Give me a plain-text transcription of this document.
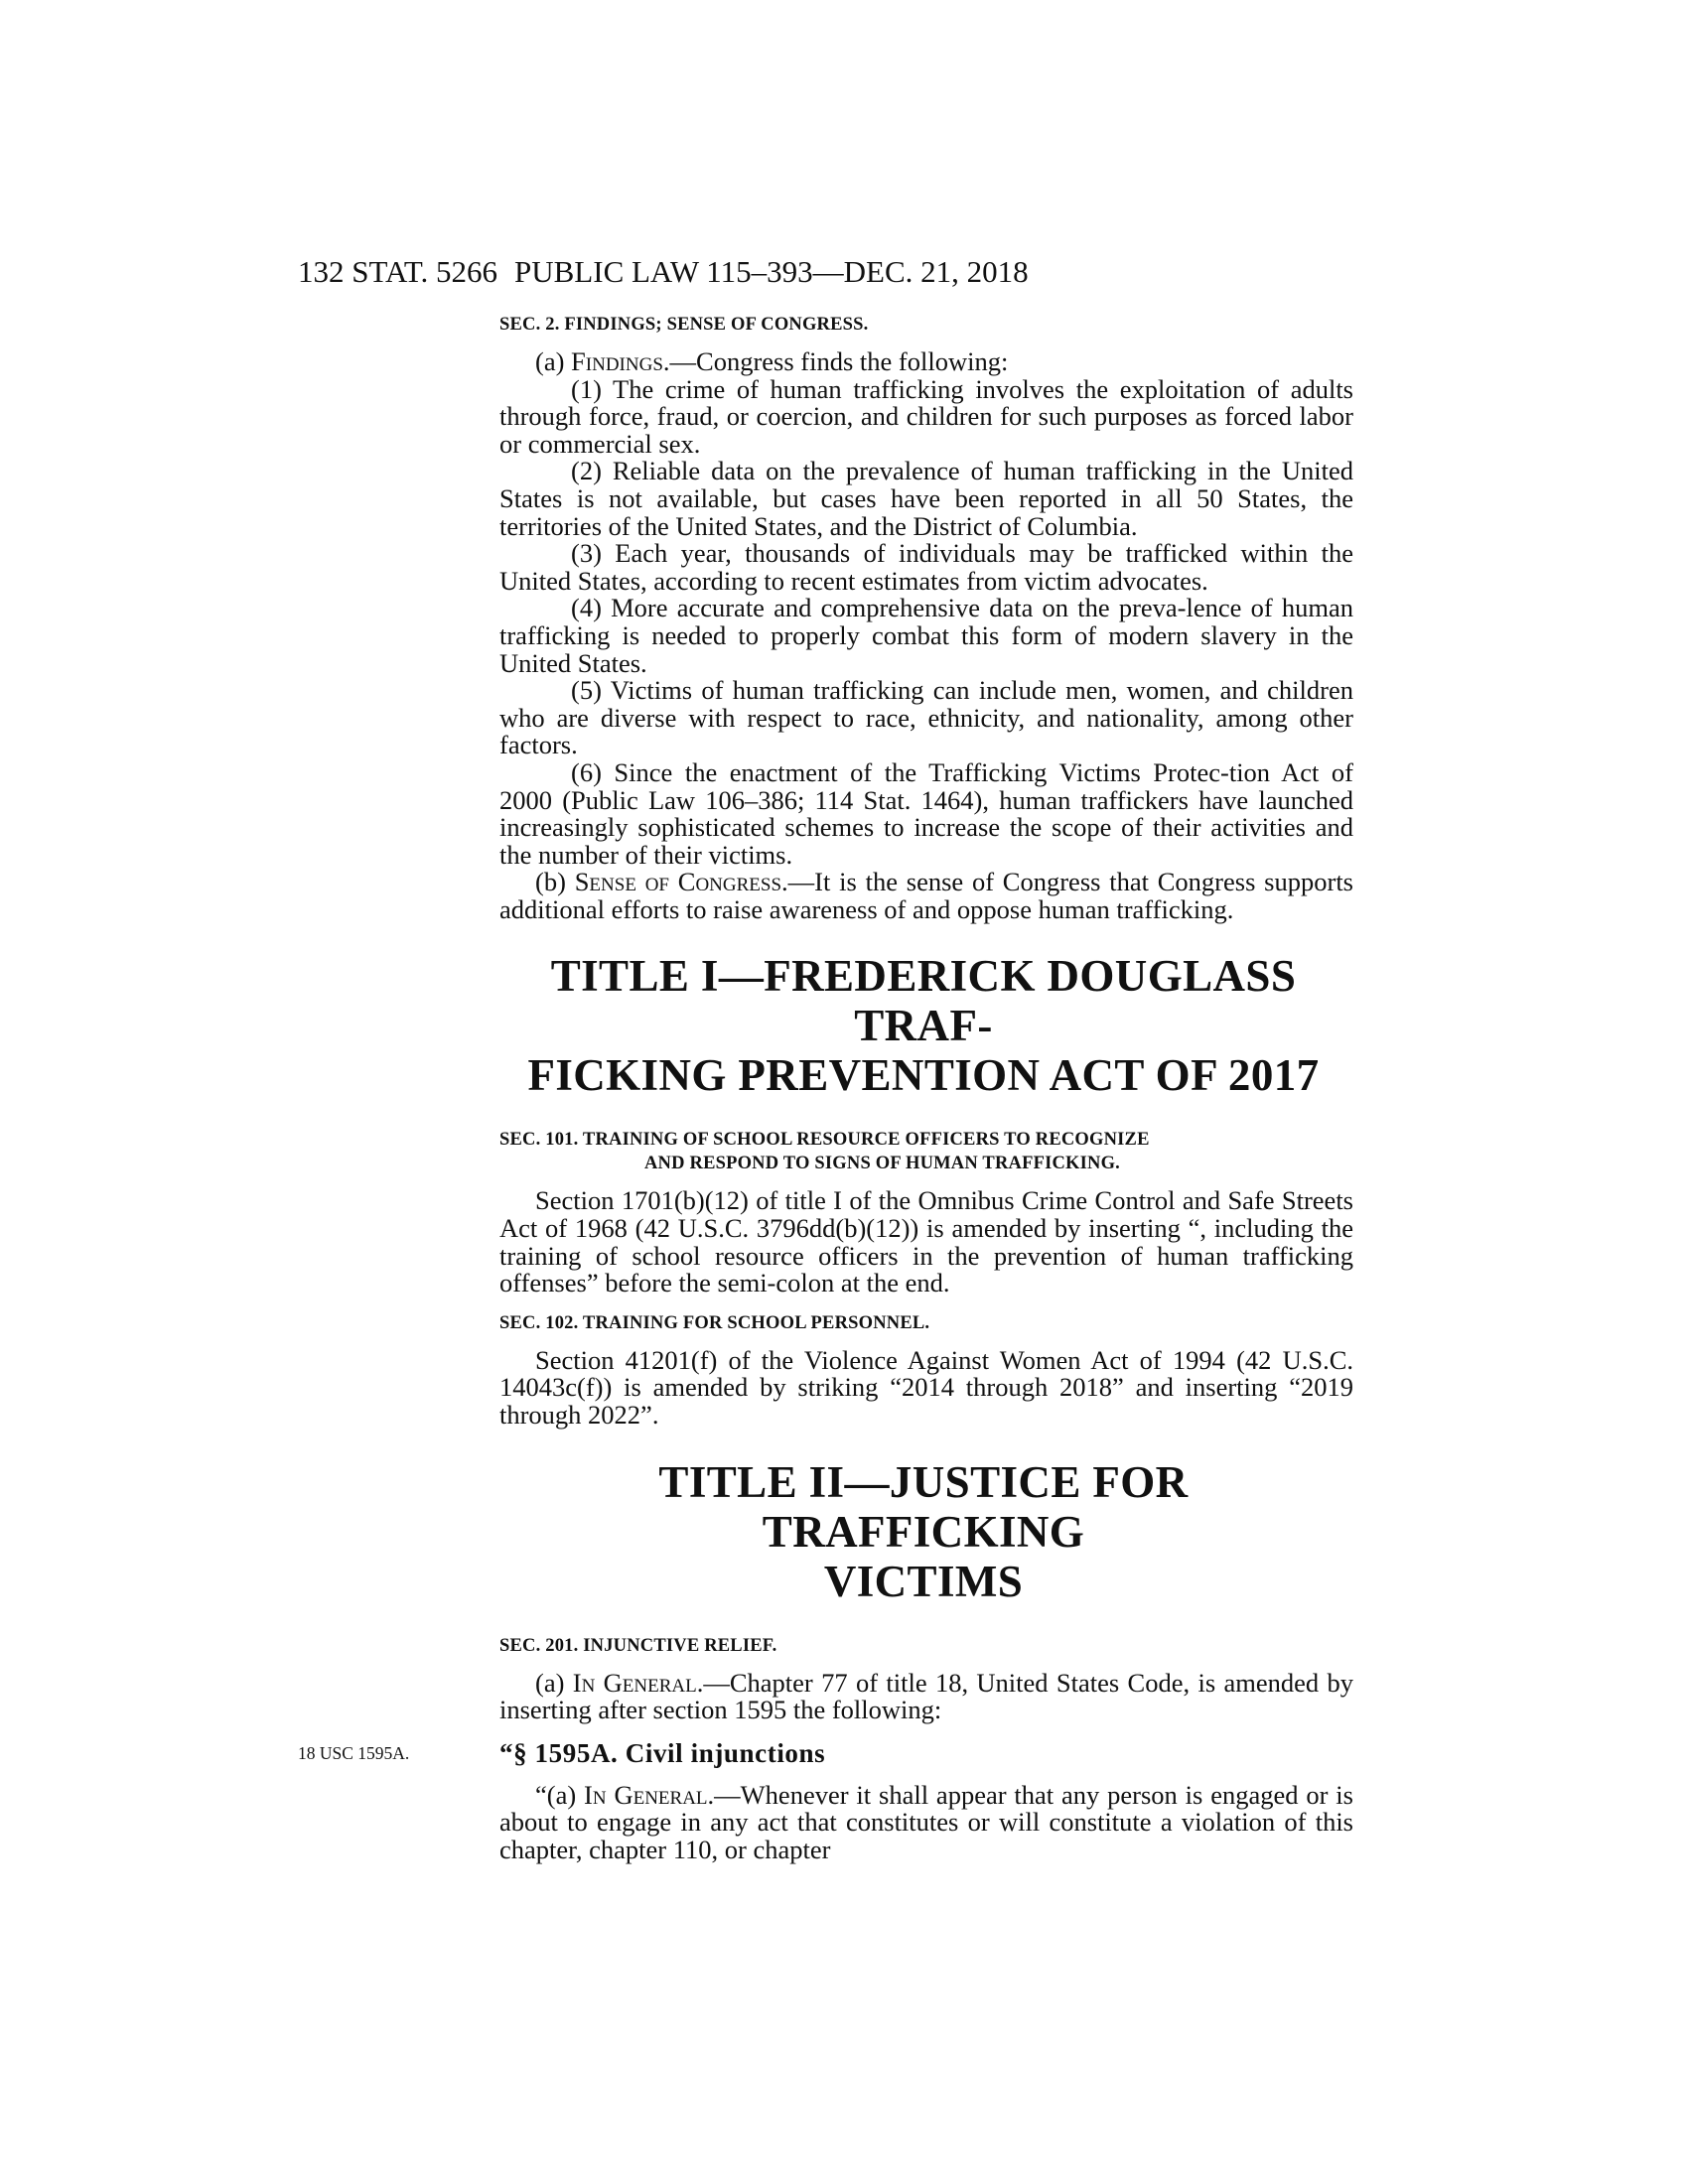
132 STAT. 5266 PUBLIC LAW 115–393—DEC. 21, 2018
SEC. 2. FINDINGS; SENSE OF CONGRESS.

(a) Findings.—Congress finds the following:

(1) The crime of human trafficking involves the exploitation of adults through force, fraud, or coercion, and children for such purposes as forced labor or commercial sex.

(2) Reliable data on the prevalence of human trafficking in the United States is not available, but cases have been reported in all 50 States, the territories of the United States, and the District of Columbia.

(3) Each year, thousands of individuals may be trafficked within the United States, according to recent estimates from victim advocates.

(4) More accurate and comprehensive data on the preva-lence of human trafficking is needed to properly combat this form of modern slavery in the United States.

(5) Victims of human trafficking can include men, women, and children who are diverse with respect to race, ethnicity, and nationality, among other factors.

(6) Since the enactment of the Trafficking Victims Protec-tion Act of 2000 (Public Law 106–386; 114 Stat. 1464), human traffickers have launched increasingly sophisticated schemes to increase the scope of their activities and the number of their victims.

(b) Sense of Congress.—It is the sense of Congress that Congress supports additional efforts to raise awareness of and oppose human trafficking.

TITLE I—FREDERICK DOUGLASS TRAF-
FICKING PREVENTION ACT OF 2017
SEC. 101. TRAINING OF SCHOOL RESOURCE OFFICERS TO RECOGNIZE
AND RESPOND TO SIGNS OF HUMAN TRAFFICKING.

Section 1701(b)(12) of title I of the Omnibus Crime Control and Safe Streets Act of 1968 (42 U.S.C. 3796dd(b)(12)) is amended by inserting “, including the training of school resource officers in the prevention of human trafficking offenses” before the semi-colon at the end.

SEC. 102. TRAINING FOR SCHOOL PERSONNEL.

Section 41201(f) of the Violence Against Women Act of 1994 (42 U.S.C. 14043c(f)) is amended by striking “2014 through 2018” and inserting “2019 through 2022”.

TITLE II—JUSTICE FOR TRAFFICKING
VICTIMS
SEC. 201. INJUNCTIVE RELIEF.

(a) In General.—Chapter 77 of title 18, United States Code, is amended by inserting after section 1595 the following:

“§ 1595A. Civil injunctions

“(a) In General.—Whenever it shall appear that any person is engaged or is about to engage in any act that constitutes or will constitute a violation of this chapter, chapter 110, or chapter

18 USC 1595A.
